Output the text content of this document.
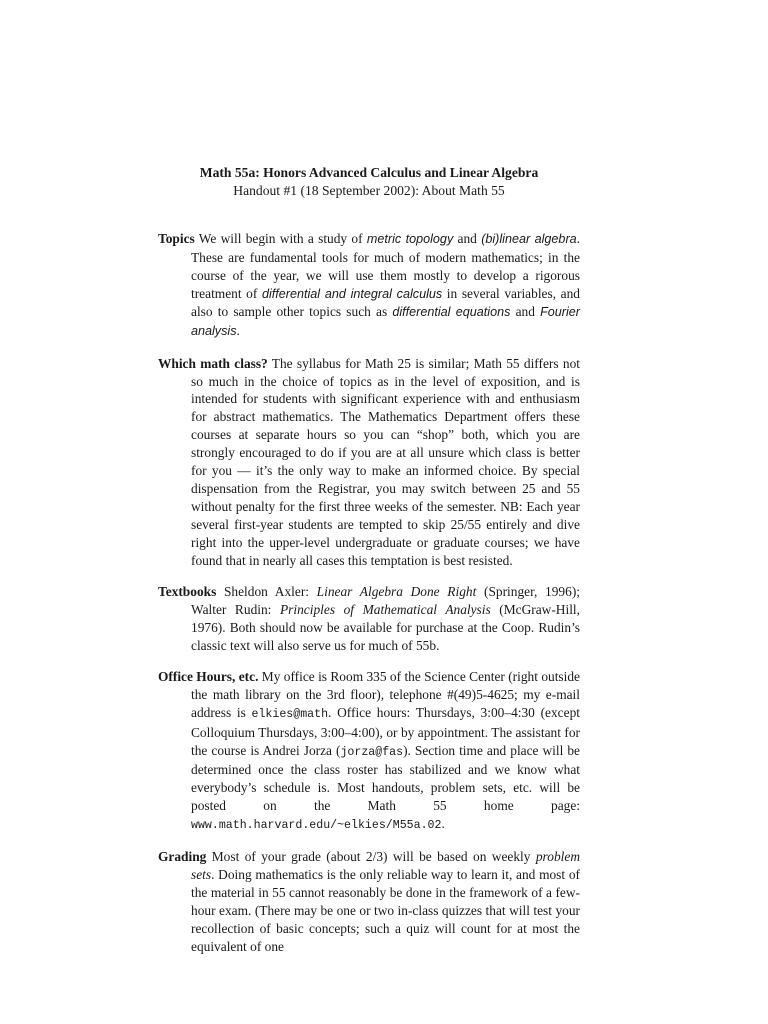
Math 55a: Honors Advanced Calculus and Linear Algebra
Handout #1 (18 September 2002): About Math 55

Topics We will begin with a study of metric topology and (bi)linear algebra. These are fundamental tools for much of modern mathematics; in the course of the year, we will use them mostly to develop a rigorous treatment of differential and integral calculus in several variables, and also to sample other topics such as differential equations and Fourier analysis.

Which math class? The syllabus for Math 25 is similar; Math 55 differs not so much in the choice of topics as in the level of exposition, and is intended for students with significant experience with and enthusiasm for abstract mathematics. The Mathematics Department offers these courses at separate hours so you can “shop” both, which you are strongly encouraged to do if you are at all unsure which class is better for you — it’s the only way to make an informed choice. By special dispensation from the Registrar, you may switch between 25 and 55 without penalty for the first three weeks of the semester. NB: Each year several first-year students are tempted to skip 25/55 entirely and dive right into the upper-level undergraduate or graduate courses; we have found that in nearly all cases this temptation is best resisted.

Textbooks Sheldon Axler: Linear Algebra Done Right (Springer, 1996); Walter Rudin: Principles of Mathematical Analysis (McGraw-Hill, 1976). Both should now be available for purchase at the Coop. Rudin’s classic text will also serve us for much of 55b.

Office Hours, etc. My office is Room 335 of the Science Center (right outside the math library on the 3rd floor), telephone #(49)5-4625; my e-mail address is elkies@math. Office hours: Thursdays, 3:00–4:30 (except Colloquium Thursdays, 3:00–4:00), or by appointment. The assistant for the course is Andrei Jorza (jorza@fas). Section time and place will be determined once the class roster has stabilized and we know what everybody’s schedule is. Most handouts, problem sets, etc. will be posted on the Math 55 home page: www.math.harvard.edu/~elkies/M55a.02.

Grading Most of your grade (about 2/3) will be based on weekly problem sets. Doing mathematics is the only reliable way to learn it, and most of the material in 55 cannot reasonably be done in the framework of a few-hour exam. (There may be one or two in-class quizzes that will test your recollection of basic concepts; such a quiz will count for at most the equivalent of one
